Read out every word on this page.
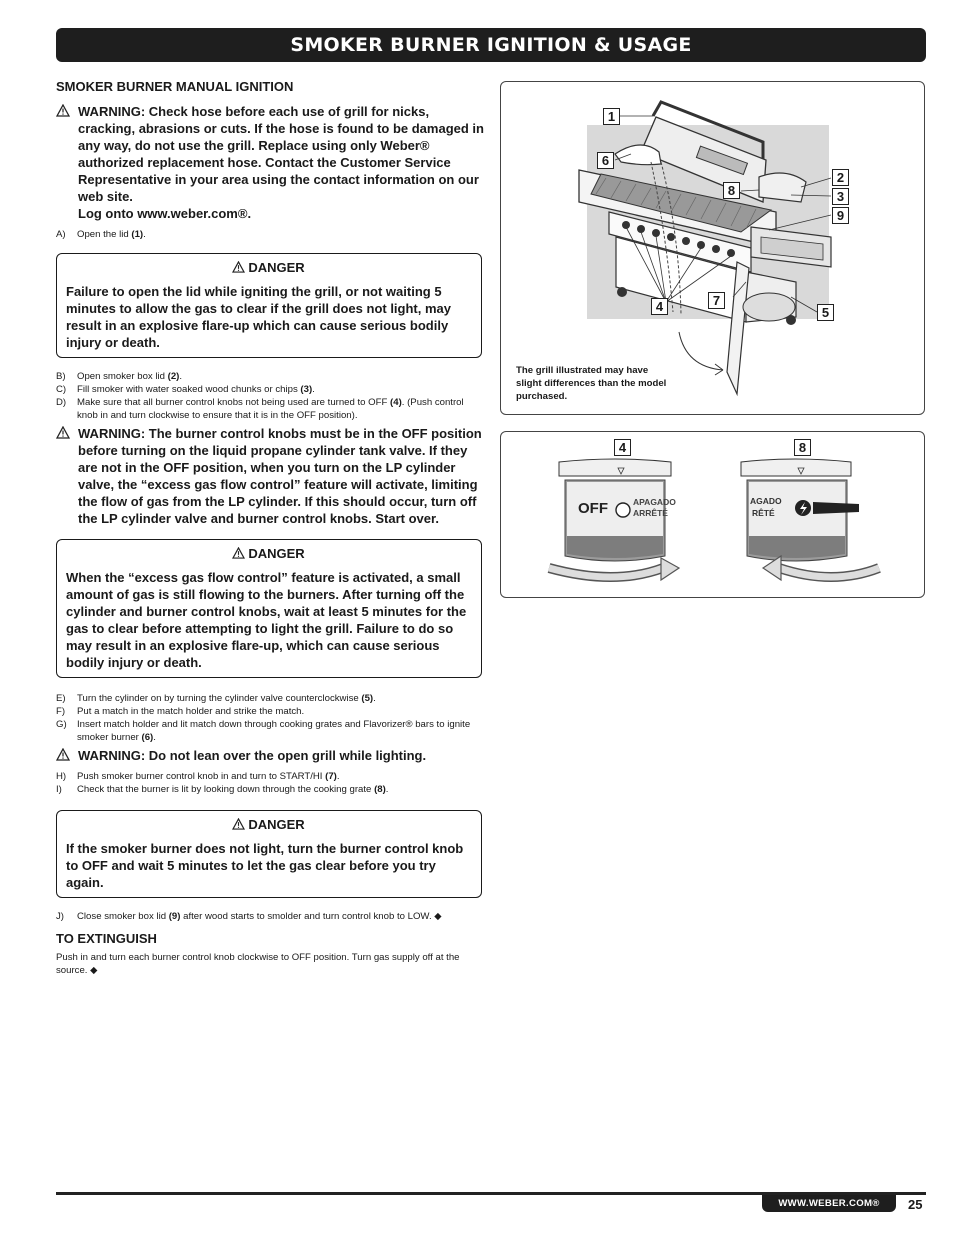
SMOKER BURNER IGNITION & USAGE
SMOKER BURNER MANUAL IGNITION
WARNING: Check hose before each use of grill for nicks, cracking, abrasions or cuts. If the hose is found to be damaged in any way, do not use the grill. Replace using only Weber® authorized replacement hose. Contact the Customer Service Representative in your area using the contact information on our web site.
Log onto www.weber.com®.
A) Open the lid (1).
DANGER
Failure to open the lid while igniting the grill, or not waiting 5 minutes to allow the gas to clear if the grill does not light, may result in an explosive flare-up which can cause serious bodily injury or death.
B) Open smoker box lid (2).
C) Fill smoker with water soaked wood chunks or chips (3).
D) Make sure that all burner control knobs not being used are turned to OFF (4). (Push control knob in and turn clockwise to ensure that it is in the OFF position).
WARNING: The burner control knobs must be in the OFF position before turning on the liquid propane cylinder tank valve. If they are not in the OFF position, when you turn on the LP cylinder valve, the “excess gas flow control” feature will activate, limiting the flow of gas from the LP cylinder. If this should occur, turn off the LP cylinder valve and burner control knobs. Start over.
DANGER
When the “excess gas flow control” feature is activated, a small amount of gas is still flowing to the burners. After turning off the cylinder and burner control knobs, wait at least 5 minutes for the gas to clear before attempting to light the grill. Failure to do so may result in an explosive flare-up, which can cause serious bodily injury or death.
E) Turn the cylinder on by turning the cylinder valve counterclockwise (5).
F) Put a match in the match holder and strike the match.
G) Insert match holder and lit match down through cooking grates and Flavorizer® bars to ignite smoker burner (6).
WARNING: Do not lean over the open grill while lighting.
H) Push smoker burner control knob in and turn to START/HI (7).
I) Check that the burner is lit by looking down through the cooking grate (8).
DANGER
If the smoker burner does not light, turn the burner control knob to OFF and wait 5 minutes to let the gas clear before you try again.
J) Close smoker box lid (9) after wood starts to smolder and turn control knob to LOW. ◆
TO EXTINGUISH
Push in and turn each burner control knob clockwise to OFF position. Turn gas supply off at the source. ◆
1
6
8
2
3
9
4	7
5
The grill illustrated may have slight differences than the model purchased.
4	8
OFF	APAGADO
ARRÊTÉ
AGADO
RÊTÉ
WWW.WEBER.COM®	25
